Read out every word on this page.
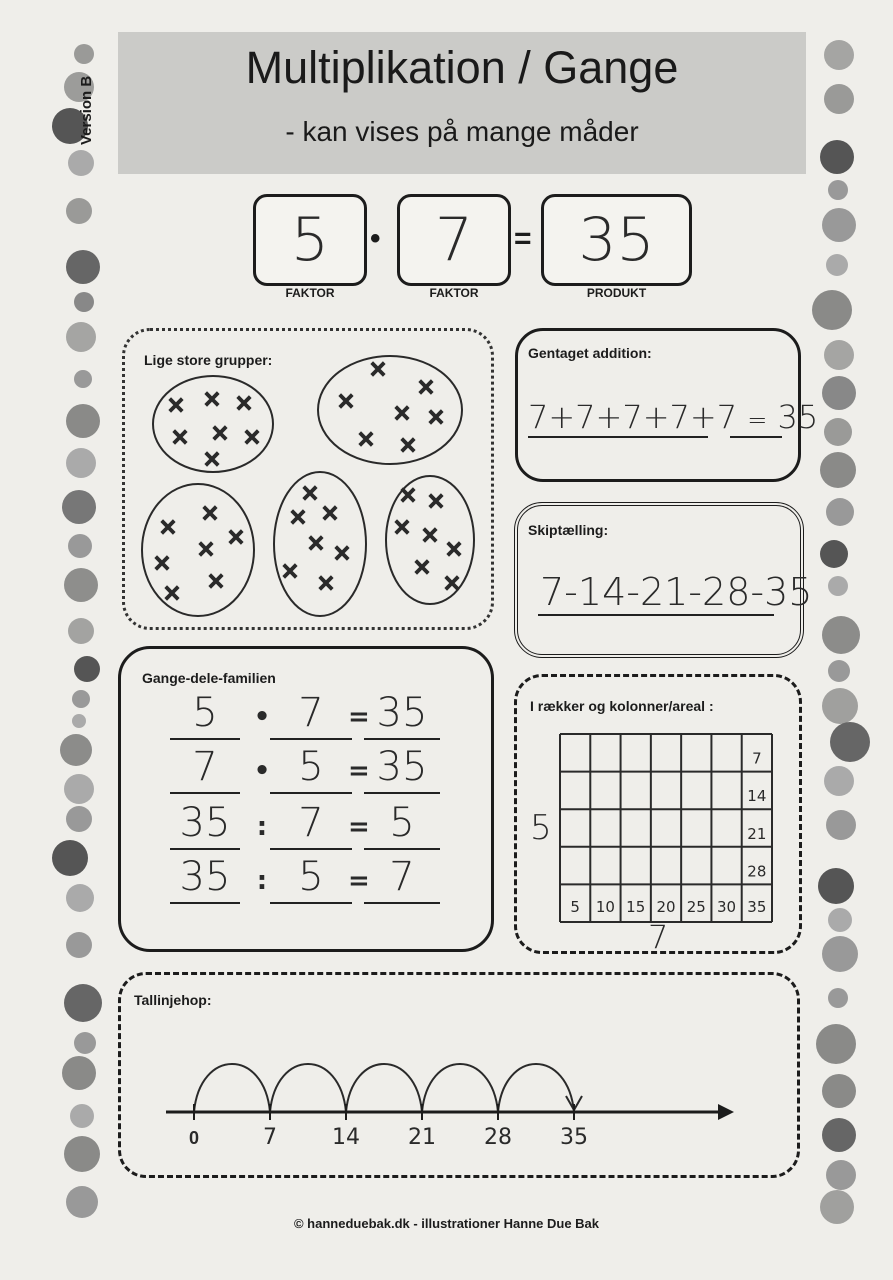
Multiplikation / Gange
- kan vises på mange måder
Version B
5	• 7	= 35
FAKTOR	FAKTOR	PRODUKT
Lige store grupper:
× × ×
× × ×
×
×
×
× × ×
× ×
×
×
×
× ×
× ×
×
× ×
× ×
× ×
× ×
× ×
×
×
×
Gentaget addition:
7+7+7+7+7 = 35
Skiptælling:
7-14-21-28-35
Gange-dele-familien
5	• 7 = 35
7	• 5 = 35
35	: 7 = 5
35	: 5 = 7
I rækker og kolonner/areal :
5
7
7
14
21
28
5 10 15 20 25 30 35
Tallinjehop:
0	7	14 21 28 35
© hanneduebak.dk - illustrationer Hanne Due Bak
